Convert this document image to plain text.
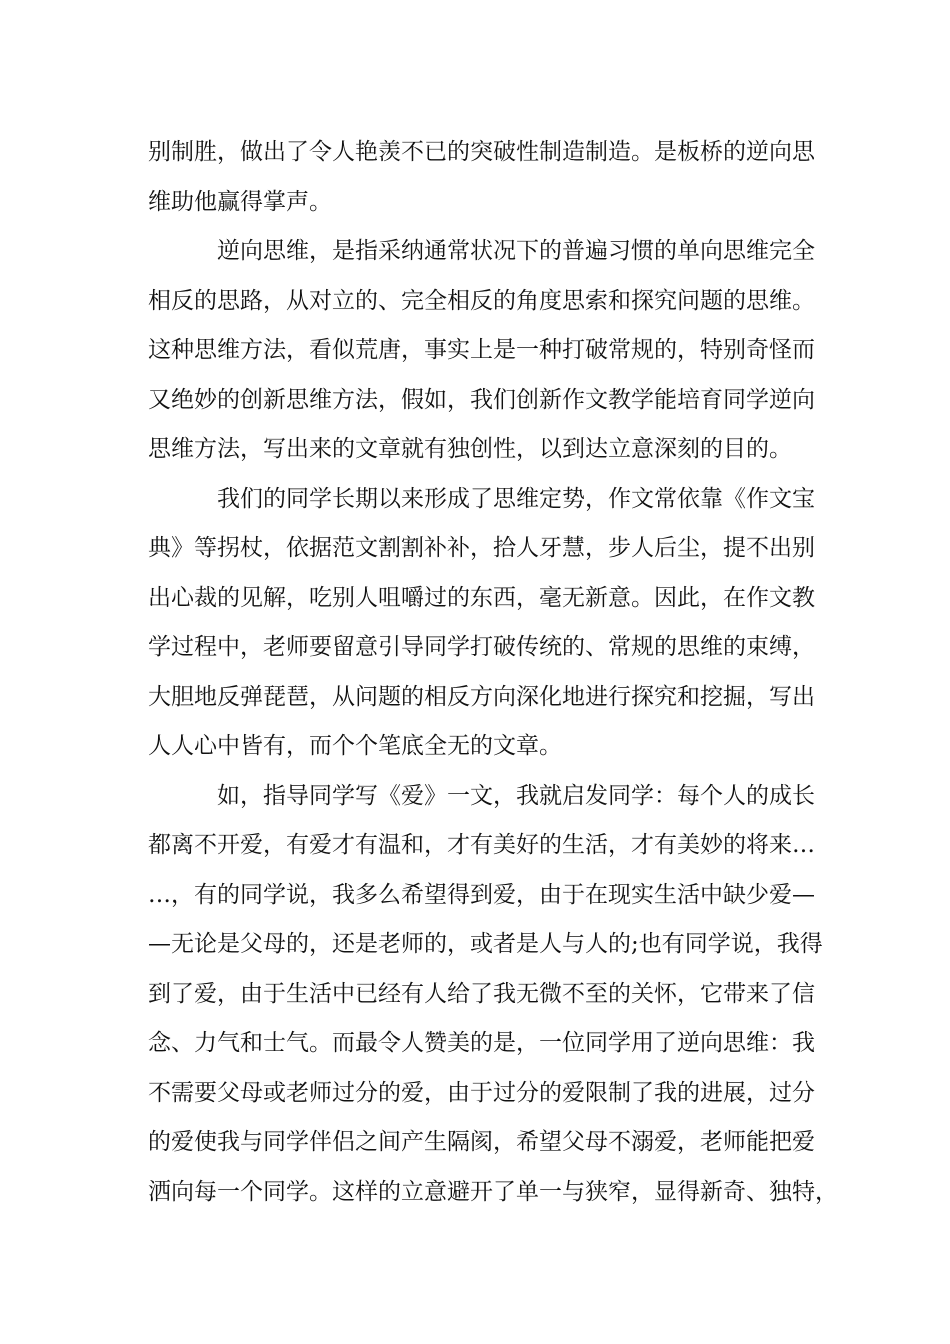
别制胜，做出了令人艳羡不已的突破性制造制造。是板桥的逆向思
维助他赢得掌声。
逆向思维，是指采纳通常状况下的普遍习惯的单向思维完全
相反的思路，从对立的、完全相反的角度思索和探究问题的思维。
这种思维方法，看似荒唐，事实上是一种打破常规的，特别奇怪而
又绝妙的创新思维方法，假如，我们创新作文教学能培育同学逆向
思维方法，写出来的文章就有独创性，以到达立意深刻的目的。
我们的同学长期以来形成了思维定势，作文常依靠《作文宝
典》等拐杖，依据范文割割补补，拾人牙慧，步人后尘，提不出别
出心裁的见解，吃别人咀嚼过的东西，毫无新意。因此，在作文教
学过程中，老师要留意引导同学打破传统的、常规的思维的束缚，
大胆地反弹琵琶，从问题的相反方向深化地进行探究和挖掘，写出
人人心中皆有，而个个笔底全无的文章。
如，指导同学写《爱》一文，我就启发同学：每个人的成长
都离不开爱，有爱才有温和，才有美好的生活，才有美妙的将来…
…，有的同学说，我多么希望得到爱，由于在现实生活中缺少爱—
—无论是父母的，还是老师的，或者是人与人的;也有同学说，我得
到了爱，由于生活中已经有人给了我无微不至的关怀，它带来了信
念、力气和士气。而最令人赞美的是，一位同学用了逆向思维：我
不需要父母或老师过分的爱，由于过分的爱限制了我的进展，过分
的爱使我与同学伴侣之间产生隔阂，希望父母不溺爱，老师能把爱
洒向每一个同学。这样的立意避开了单一与狭窄，显得新奇、独特，
